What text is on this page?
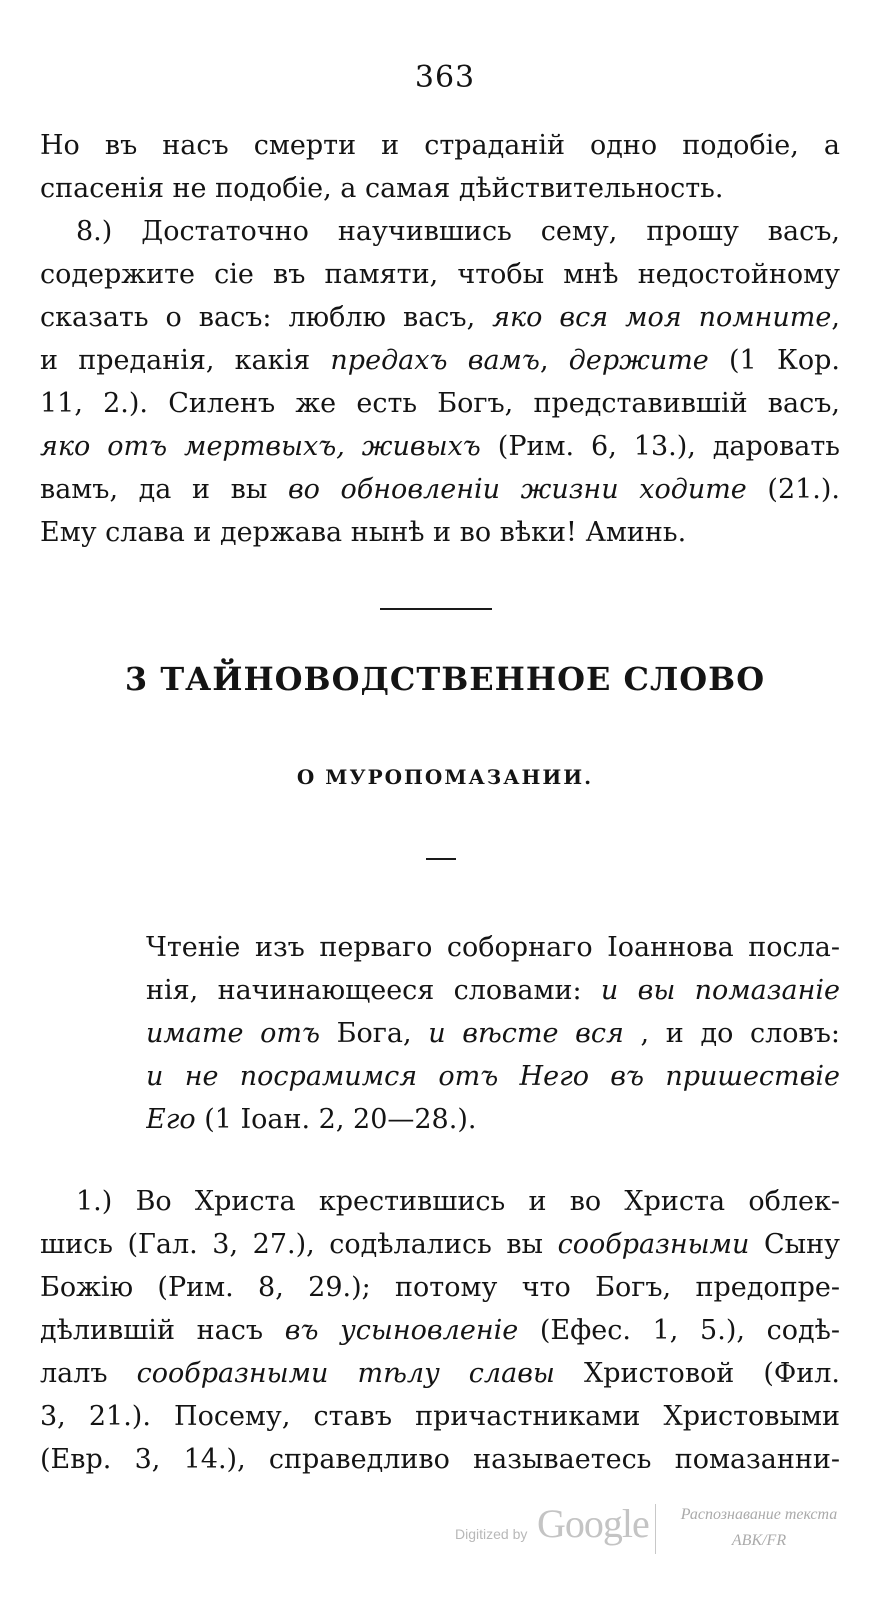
363
Но въ насъ смерти и страданій одно подобіе, а
спасенія не подобіе, а самая дѣйствительность.
8.) Достаточно научившись сему, прошу васъ,
содержите сіе въ памяти, чтобы мнѣ недостойному
сказать о васъ: люблю васъ, яко вся моя помните,
и преданія, какія предахъ вамъ, держите (1 Кор.
11, 2.). Силенъ же есть Богъ, представившій васъ,
яко отъ мертвыхъ, живыхъ (Рим. 6, 13.), даровать
вамъ, да и вы во обновленіи жизни ходите (21.).
Ему слава и держава нынѣ и во вѣки! Аминь.
3 ТАЙНОВОДСТВЕННОЕ СЛОВО
О МУРОПОМАЗАНИИ.
Чтеніе изъ перваго соборнаго Іоаннова посла-
нія, начинающееся словами: и вы помазаніе
имате отъ Бога, и вѣсте вся , и до словъ:
и не посрамимся отъ Него въ пришествіе
Его (1 Іоан. 2, 20—28.).
1.) Во Христа крестившись и во Христа облек-
шись (Гал. 3, 27.), содѣлались вы сообразными Сыну
Божію (Рим. 8, 29.); потому что Богъ, предопре-
дѣлившій насъ въ усыновленіе (Ефес. 1, 5.), содѣ-
лалъ сообразными тѣлу славы Христовой (Фил.
3, 21.). Посему, ставъ причастниками Христовыми
(Евр. 3, 14.), справедливо называетесь помазанни-
Digitized by Google	Распознавание текста
ABK/FR
